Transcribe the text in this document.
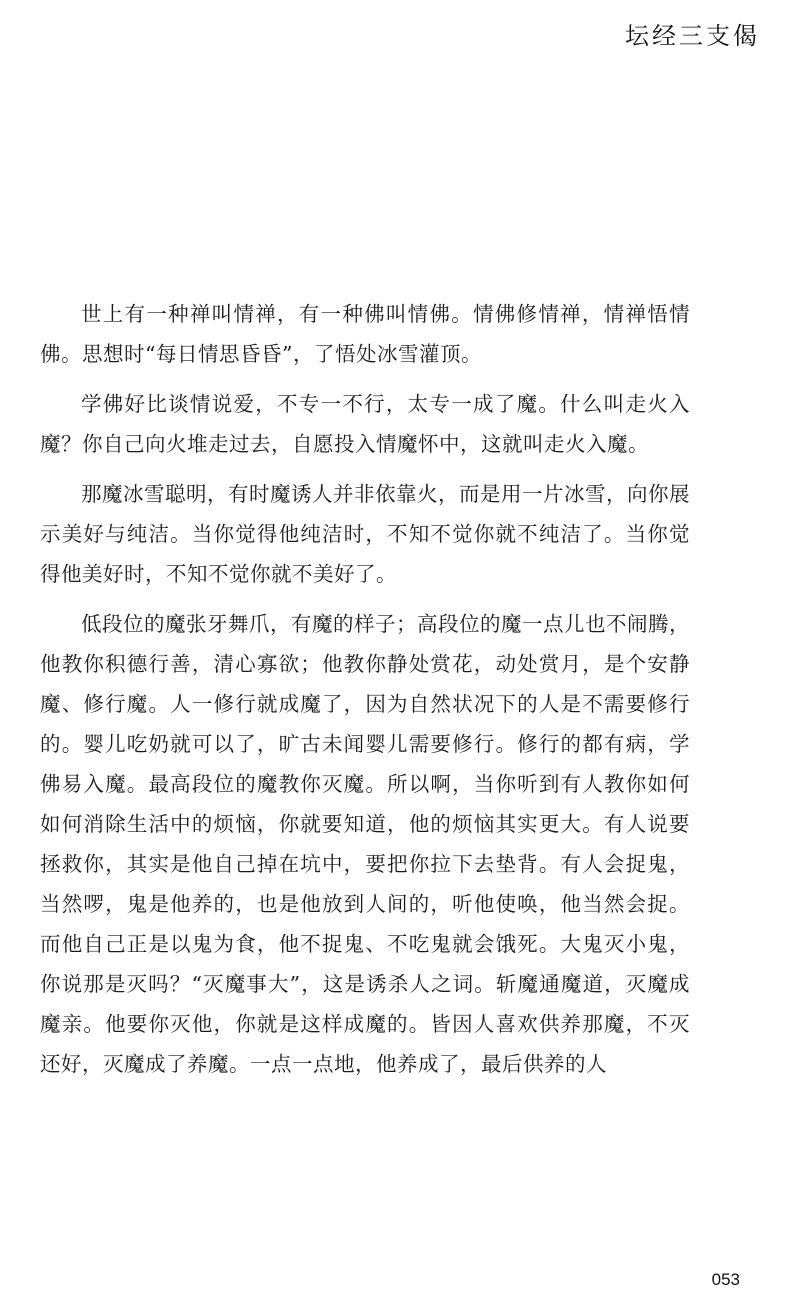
坛经三支偈

世上有一种禅叫情禅，有一种佛叫情佛。情佛修情禅，情禅悟情佛。思想时“每日情思昏昏”，了悟处冰雪灌顶。

学佛好比谈情说爱，不专一不行，太专一成了魔。什么叫走火入魔？你自己向火堆走过去，自愿投入情魔怀中，这就叫走火入魔。

那魔冰雪聪明，有时魔诱人并非依靠火，而是用一片冰雪，向你展示美好与纯洁。当你觉得他纯洁时，不知不觉你就不纯洁了。当你觉得他美好时，不知不觉你就不美好了。

低段位的魔张牙舞爪，有魔的样子；高段位的魔一点儿也不闹腾，他教你积德行善，清心寡欲；他教你静处赏花，动处赏月，是个安静魔、修行魔。人一修行就成魔了，因为自然状况下的人是不需要修行的。婴儿吃奶就可以了，旷古未闻婴儿需要修行。修行的都有病，学佛易入魔。最高段位的魔教你灭魔。所以啊，当你听到有人教你如何如何消除生活中的烦恼，你就要知道，他的烦恼其实更大。有人说要拯救你，其实是他自己掉在坑中，要把你拉下去垫背。有人会捉鬼，当然啰，鬼是他养的，也是他放到人间的，听他使唤，他当然会捉。而他自己正是以鬼为食，他不捉鬼、不吃鬼就会饿死。大鬼灭小鬼，你说那是灭吗？“灭魔事大”，这是诱杀人之词。斩魔通魔道，灭魔成魔亲。他要你灭他，你就是这样成魔的。皆因人喜欢供养那魔，不灭还好，灭魔成了养魔。一点一点地，他养成了，最后供养的人

053
